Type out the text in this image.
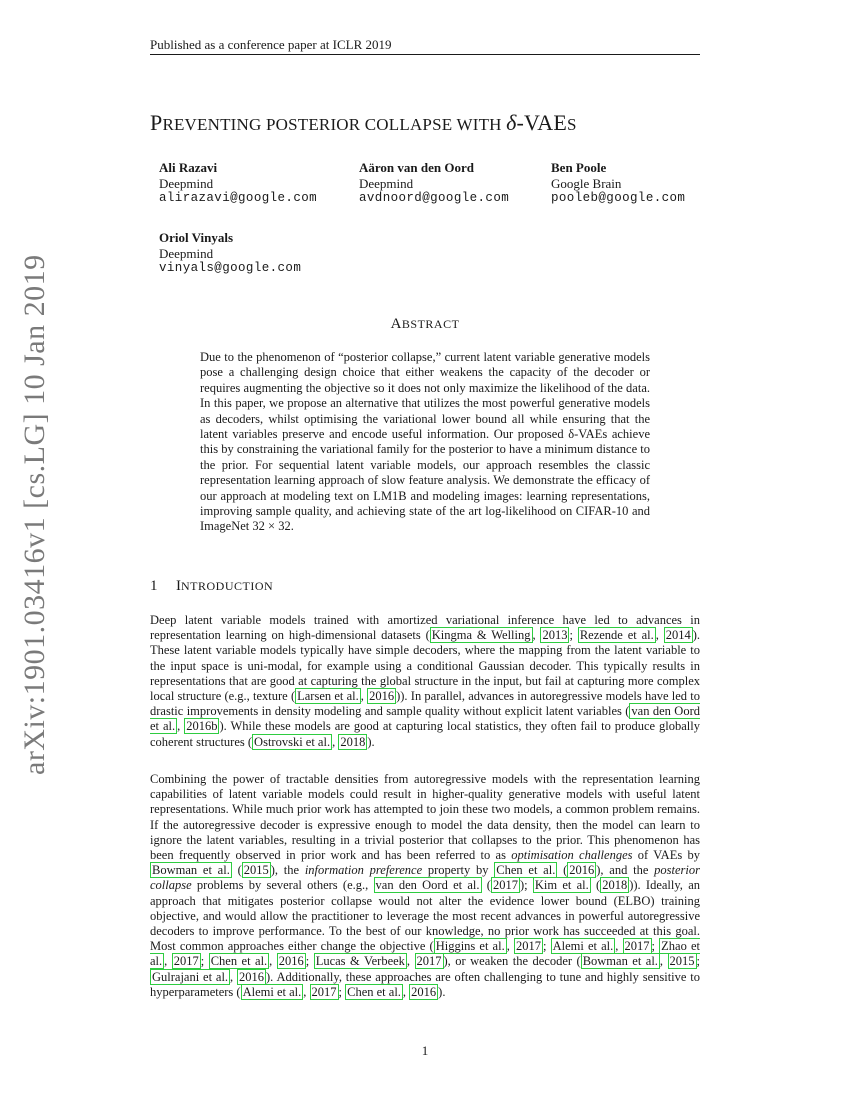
Published as a conference paper at ICLR 2019
PREVENTING POSTERIOR COLLAPSE WITH δ-VAES
Ali Razavi
Deepmind
alirazavi@google.com
Aäron van den Oord
Deepmind
avdnoord@google.com
Ben Poole
Google Brain
pooleb@google.com
Oriol Vinyals
Deepmind
vinyals@google.com
arXiv:1901.03416v1 [cs.LG] 10 Jan 2019	ABSTRACT
Due to the phenomenon of “posterior collapse,” current latent variable generative models pose a challenging design choice that either weakens the capacity of the decoder or requires augmenting the objective so it does not only maximize the likelihood of the data. In this paper, we propose an alternative that utilizes the most powerful generative models as decoders, whilst optimising the variational lower bound all while ensuring that the latent variables preserve and encode useful information. Our proposed δ-VAEs achieve this by constraining the variational family for the posterior to have a minimum distance to the prior. For sequential latent variable models, our approach resembles the classic representation learning approach of slow feature analysis. We demonstrate the efficacy of our approach at modeling text on LM1B and modeling images: learning representations, improving sample quality, and achieving state of the art log-likelihood on CIFAR-10 and ImageNet 32 × 32.
1 INTRODUCTION
Deep latent variable models trained with amortized variational inference have led to advances in representation learning on high-dimensional datasets ( Kingma & Welling , 2013 ; Rezende et al. , 2014 ). These latent variable models typically have simple decoders, where the mapping from the latent variable to the input space is uni-modal, for example using a conditional Gaussian decoder. This typically results in representations that are good at capturing the global structure in the input, but fail at capturing more complex local structure (e.g., texture ( Larsen et al. , 2016 )). In parallel, advances in autoregressive models have led to drastic improvements in density modeling and sample quality without explicit latent variables ( van den Oord et al. , 2016b ). While these models are good at capturing local statistics, they often fail to produce globally coherent structures ( Ostrovski et al. , 2018 ).
Combining the power of tractable densities from autoregressive models with the representation learning capabilities of latent variable models could result in higher-quality generative models with useful latent representations. While much prior work has attempted to join these two models, a common problem remains. If the autoregressive decoder is expressive enough to model the data density, then the model can learn to ignore the latent variables, resulting in a trivial posterior that collapses to the prior. This phenomenon has been frequently observed in prior work and has been referred to as optimisation challenges of VAEs by Bowman et al. ( 2015 ), the information preference property by Chen et al. ( 2016 ), and the posterior collapse problems by several others (e.g., van den Oord et al. ( 2017 ); Kim et al. ( 2018 )). Ideally, an approach that mitigates posterior collapse would not alter the evidence lower bound (ELBO) training objective, and would allow the practitioner to leverage the most recent advances in powerful autoregressive decoders to improve performance. To the best of our knowledge, no prior work has succeeded at this goal. Most common approaches either change the objective ( Higgins et al. , 2017 ; Alemi et al. , 2017 ; Zhao et al. , 2017 ; Chen et al. , 2016 ; Lucas & Verbeek , 2017 ), or weaken the decoder ( Bowman et al. , 2015 ; Gulrajani et al. , 2016 ). Additionally, these approaches are often challenging to tune and highly sensitive to hyperparameters ( Alemi et al. , 2017 ; Chen et al. , 2016 ).
1
